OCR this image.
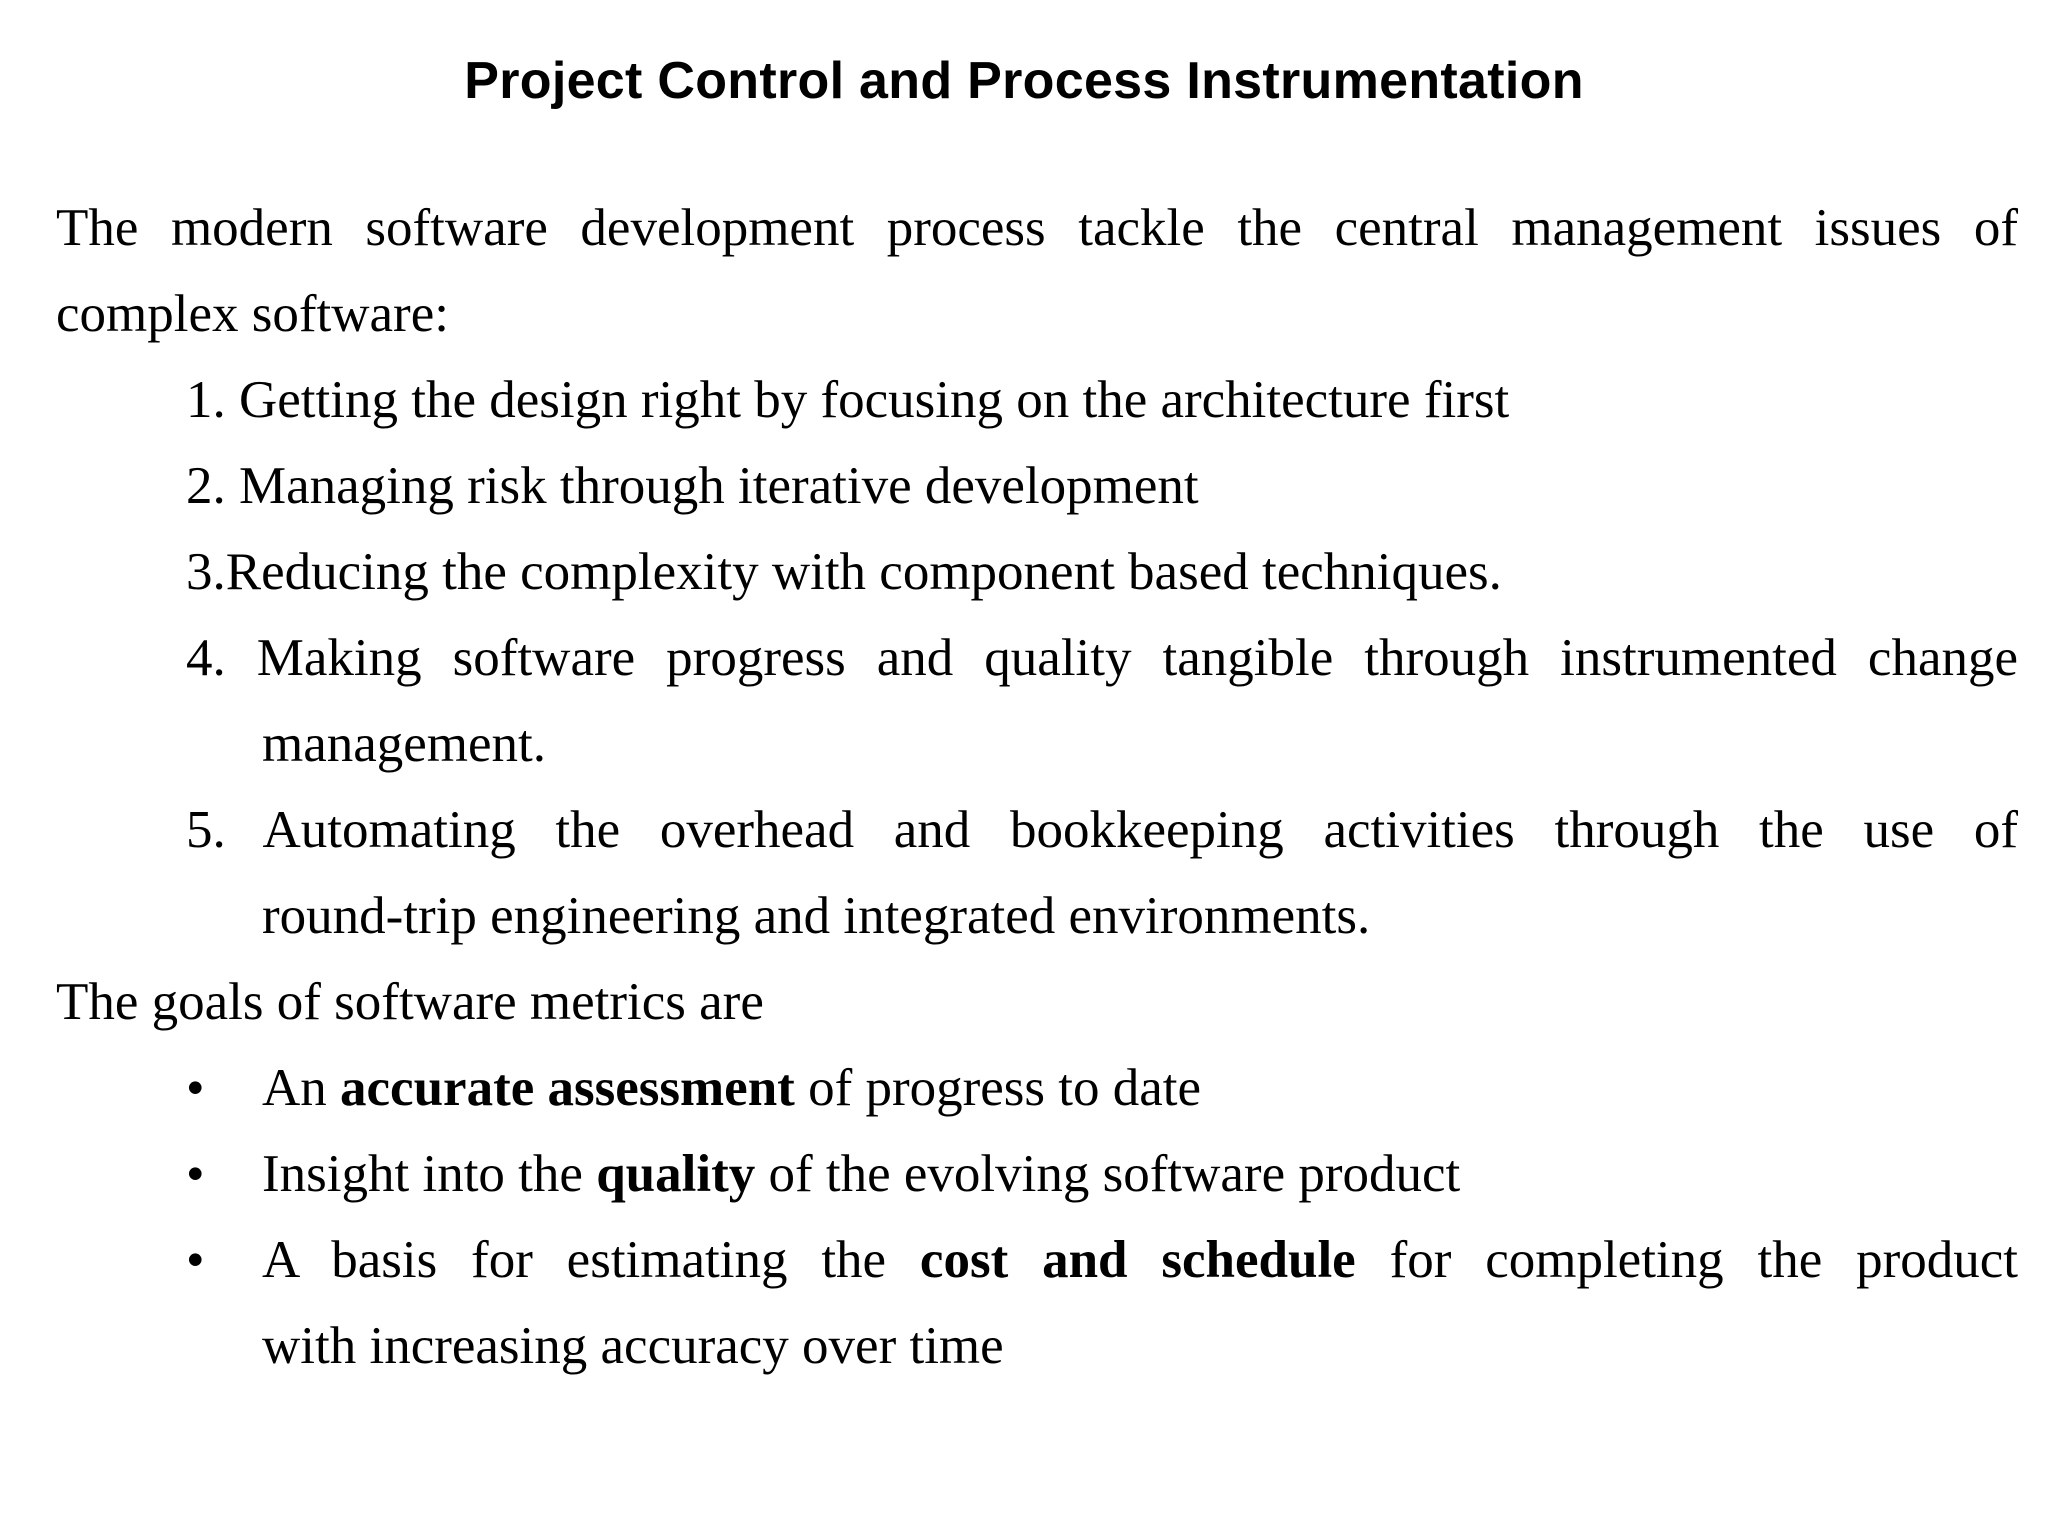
Project Control and Process Instrumentation
The modern software development process tackle the central management issues of
complex software:
1. Getting the design right by focusing on the architecture first
2. Managing risk through iterative development
3.Reducing the complexity with component based techniques.
4. Making software progress and quality tangible through instrumented change
management.
5. Automating the overhead and bookkeeping activities through the use of
round-trip engineering and integrated environments.
The goals of software metrics are
• An accurate assessment of progress to date
• Insight into the quality of the evolving software product
• A basis for estimating the cost and schedule for completing the product
with increasing accuracy over time
